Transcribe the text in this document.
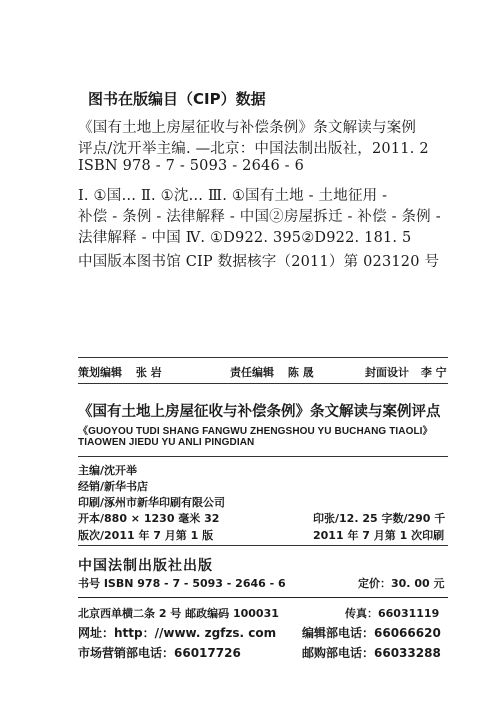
图书在版编目（CIP）数据
《国有土地上房屋征收与补偿条例》条文解读与案例
评点/沈开举主编. —北京：中国法制出版社，2011. 2
ISBN 978 - 7 - 5093 - 2646 - 6
Ⅰ. ①国… Ⅱ. ①沈… Ⅲ. ①国有土地 - 土地征用 -
补偿 - 条例 - 法律解释 - 中国②房屋拆迁 - 补偿 - 条例 -
法律解释 - 中国 Ⅳ. ①D922. 395②D922. 181. 5
中国版本图书馆 CIP 数据核字（2011）第 023120 号
策划编辑 张 岩	责任编辑 陈 晟	封面设计 李 宁
《国有土地上房屋征收与补偿条例》条文解读与案例评点
《GUOYOU TUDI SHANG FANGWU ZHENGSHOU YU BUCHANG TIAOLI》
TIAOWEN JIEDU YU ANLI PINGDIAN
主编/沈开举
经销/新华书店
印刷/涿州市新华印刷有限公司
开本/880 × 1230 毫米 32	印张/12. 25 字数/290 千
版次/2011 年 7 月第 1 版	2011 年 7 月第 1 次印刷
中国法制出版社出版
书号 ISBN 978 - 7 - 5093 - 2646 - 6	定价：30. 00 元
北京西单横二条 2 号 邮政编码 100031	传真：66031119
网址：http：//www. zgfzs. com 编辑部电话：66066620
市场营销部电话：66017726	邮购部电话：66033288
